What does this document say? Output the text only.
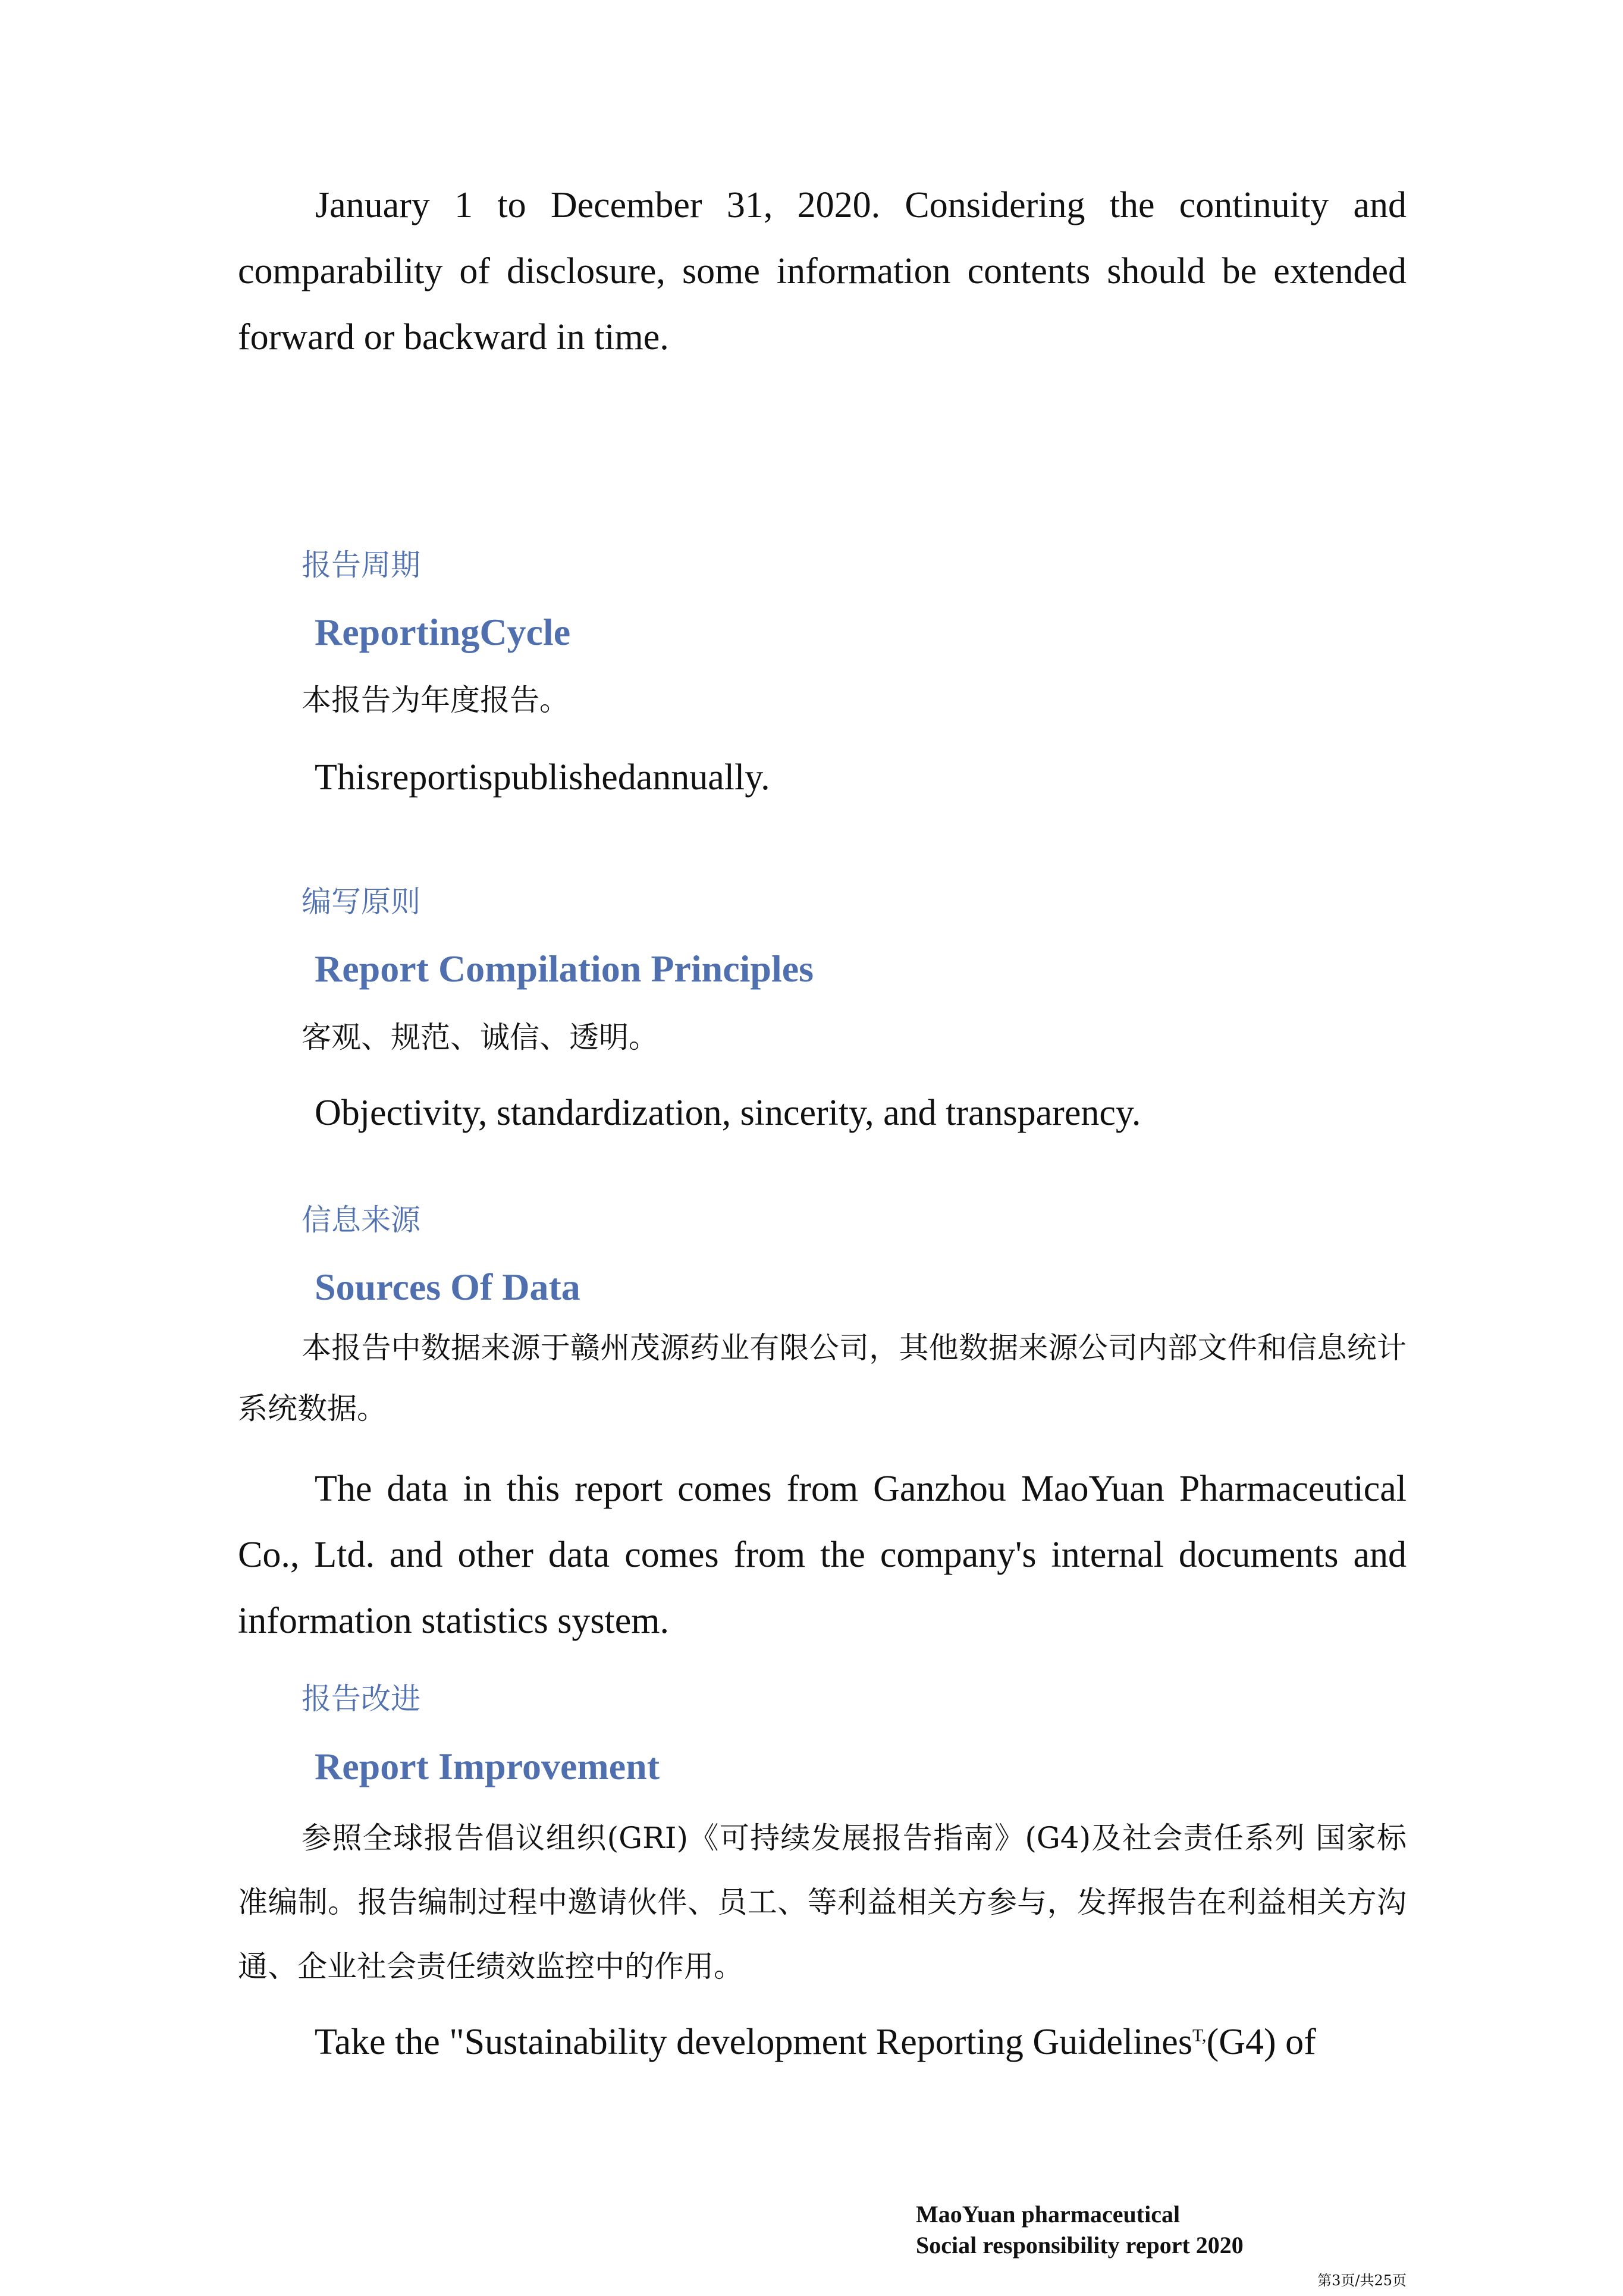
January 1 to December 31, 2020. Considering the continuity and comparability of disclosure, some information contents should be extended forward or backward in time.

报告周期
ReportingCycle
本报告为年度报告。
Thisreportispublishedannually.
编写原则
Report Compilation Principles
客观、规范、诚信、透明。
Objectivity, standardization, sincerity, and transparency.
信息来源
Sources Of Data

本报告中数据来源于赣州茂源药业有限公司，其他数据来源公司内部文件和信息统计系统数据。

The data in this report comes from Ganzhou MaoYuan Pharmaceutical Co., Ltd. and other data comes from the company's internal documents and information statistics system.

报告改进
Report Improvement

参照全球报告倡议组织(GRI)《可持续发展报告指南》(G4)及社会责任系列 国家标准编制。报告编制过程中邀请伙伴、员工、等利益相关方参与，发挥报告在利益相关方沟通、企业社会责任绩效监控中的作用。

Take the "Sustainability development Reporting Guidelines$^{T,}$(G4) of

MaoYuan pharmaceutical
Social responsibility report 2020
第3页/共25页
